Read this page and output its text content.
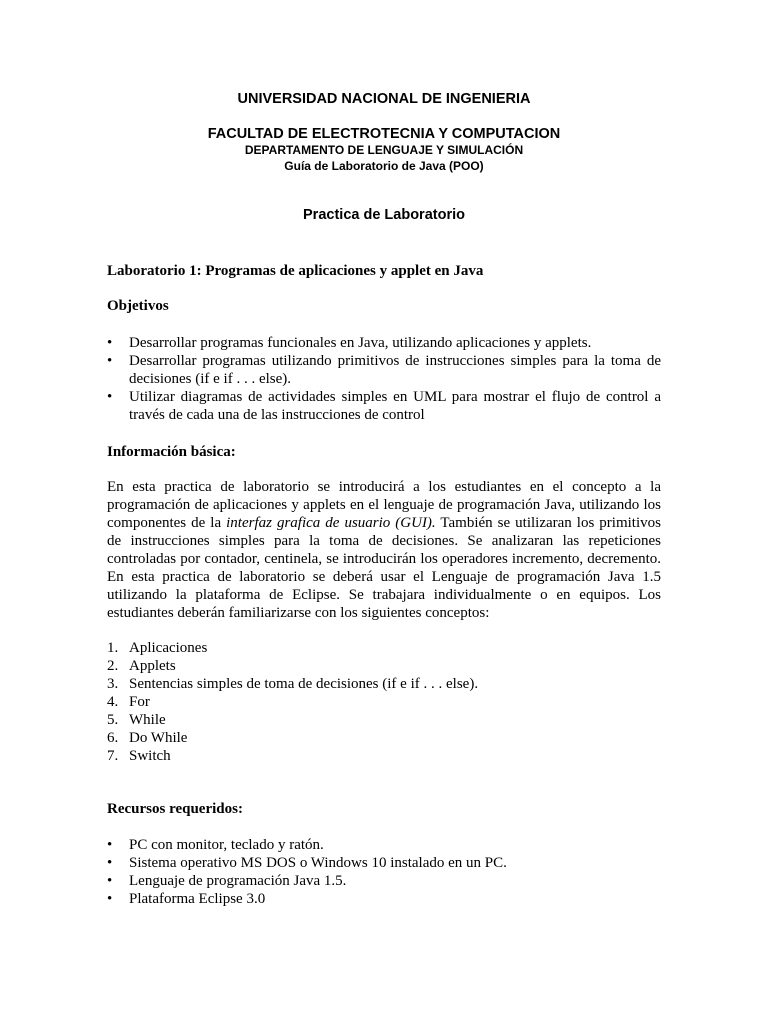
UNIVERSIDAD NACIONAL DE INGENIERIA
FACULTAD DE ELECTROTECNIA Y COMPUTACION
DEPARTAMENTO DE LENGUAJE Y SIMULACIÓN
Guía de Laboratorio de Java (POO)
Practica de Laboratorio
Laboratorio 1: Programas de aplicaciones y applet en Java
Objetivos
•	Desarrollar programas funcionales en Java, utilizando aplicaciones y applets.
•	Desarrollar programas utilizando primitivos de instrucciones simples para la toma de
decisiones (if e if . . . else).
•	Utilizar diagramas de actividades simples en UML para mostrar el flujo de control a
través de cada una de las instrucciones de control
Información básica:
En esta practica de laboratorio se introducirá a los estudiantes en el concepto a la
programación de aplicaciones y applets en el lenguaje de programación Java, utilizando los
componentes de la interfaz grafica de usuario (GUI). También se utilizaran los primitivos
de instrucciones simples para la toma de decisiones. Se analizaran las repeticiones
controladas por contador, centinela, se introducirán los operadores incremento, decremento.
En esta practica de laboratorio se deberá usar el Lenguaje de programación Java 1.5
utilizando la plataforma de Eclipse. Se trabajara individualmente o en equipos. Los
estudiantes deberán familiarizarse con los siguientes conceptos:
1. Aplicaciones
2. Applets
3. Sentencias simples de toma de decisiones (if e if . . . else).
4. For
5. While
6. Do While
7. Switch
Recursos requeridos:
•	PC con monitor, teclado y ratón.
•	Sistema operativo MS DOS o Windows 10 instalado en un PC.
•	Lenguaje de programación Java 1.5.
•	Plataforma Eclipse 3.0
